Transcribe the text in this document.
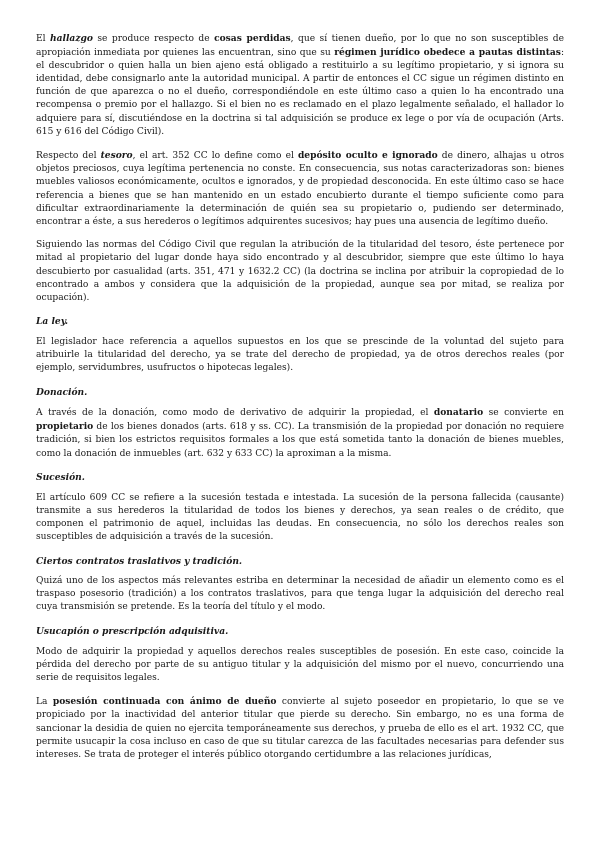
El hallazgo se produce respecto de cosas perdidas, que sí tienen dueño, por lo que no son susceptibles de apropiación inmediata por quienes las encuentran, sino que su régimen jurídico obedece a pautas distintas: el descubridor o quien halla un bien ajeno está obligado a restituirlo a su legítimo propietario, y si ignora su identidad, debe consignarlo ante la autoridad municipal. A partir de entonces el CC sigue un régimen distinto en función de que aparezca o no el dueño, correspondiéndole en este último caso a quien lo ha encontrado una recompensa o premio por el hallazgo. Si el bien no es reclamado en el plazo legalmente señalado, el hallador lo adquiere para sí, discutiéndose en la doctrina si tal adquisición se produce ex lege o por vía de ocupación (Arts. 615 y 616 del Código Civil).
Respecto del tesoro, el art. 352 CC lo define como el depósito oculto e ignorado de dinero, alhajas u otros objetos preciosos, cuya legítima pertenencia no conste. En consecuencia, sus notas caracterizadoras son: bienes muebles valiosos económicamente, ocultos e ignorados, y de propiedad desconocida. En este último caso se hace referencia a bienes que se han mantenido en un estado encubierto durante el tiempo suficiente como para dificultar extraordinariamente la determinación de quién sea su propietario o, pudiendo ser determinado, encontrar a éste, a sus herederos o legítimos adquirentes sucesivos; hay pues una ausencia de legítimo dueño.
Siguiendo las normas del Código Civil que regulan la atribución de la titularidad del tesoro, éste pertenece por mitad al propietario del lugar donde haya sido encontrado y al descubridor, siempre que este último lo haya descubierto por casualidad (arts. 351, 471 y 1632.2 CC) (la doctrina se inclina por atribuir la copropiedad de lo encontrado a ambos y considera que la adquisición de la propiedad, aunque sea por mitad, se realiza por ocupación).
La ley.
El legislador hace referencia a aquellos supuestos en los que se prescinde de la voluntad del sujeto para atribuirle la titularidad del derecho, ya se trate del derecho de propiedad, ya de otros derechos reales (por ejemplo, servidumbres, usufructos o hipotecas legales).
Donación.
A través de la donación, como modo de derivativo de adquirir la propiedad, el donatario se convierte en propietario de los bienes donados (arts. 618 y ss. CC). La transmisión de la propiedad por donación no requiere tradición, si bien los estrictos requisitos formales a los que está sometida tanto la donación de bienes muebles, como la donación de inmuebles (art. 632 y 633 CC) la aproximan a la misma.
Sucesión.
El artículo 609 CC se refiere a la sucesión testada e intestada. La sucesión de la persona fallecida (causante) transmite a sus herederos la titularidad de todos los bienes y derechos, ya sean reales o de crédito, que componen el patrimonio de aquel, incluidas las deudas. En consecuencia, no sólo los derechos reales son susceptibles de adquisición a través de la sucesión.
Ciertos contratos traslativos y tradición.
Quizá uno de los aspectos más relevantes estriba en determinar la necesidad de añadir un elemento como es el traspaso posesorio (tradición) a los contratos traslativos, para que tenga lugar la adquisición del derecho real cuya transmisión se pretende. Es la teoría del título y el modo.
Usucapión o prescripción adquisitiva.
Modo de adquirir la propiedad y aquellos derechos reales susceptibles de posesión. En este caso, coincide la pérdida del derecho por parte de su antiguo titular y la adquisición del mismo por el nuevo, concurriendo una serie de requisitos legales.
La posesión continuada con ánimo de dueño convierte al sujeto poseedor en propietario, lo que se ve propiciado por la inactividad del anterior titular que pierde su derecho. Sin embargo, no es una forma de sancionar la desidia de quien no ejercita temporáneamente sus derechos, y prueba de ello es el art. 1932 CC, que permite usucapir la cosa incluso en caso de que su titular carezca de las facultades necesarias para defender sus intereses. Se trata de proteger el interés público otorgando certidumbre a las relaciones jurídicas,
